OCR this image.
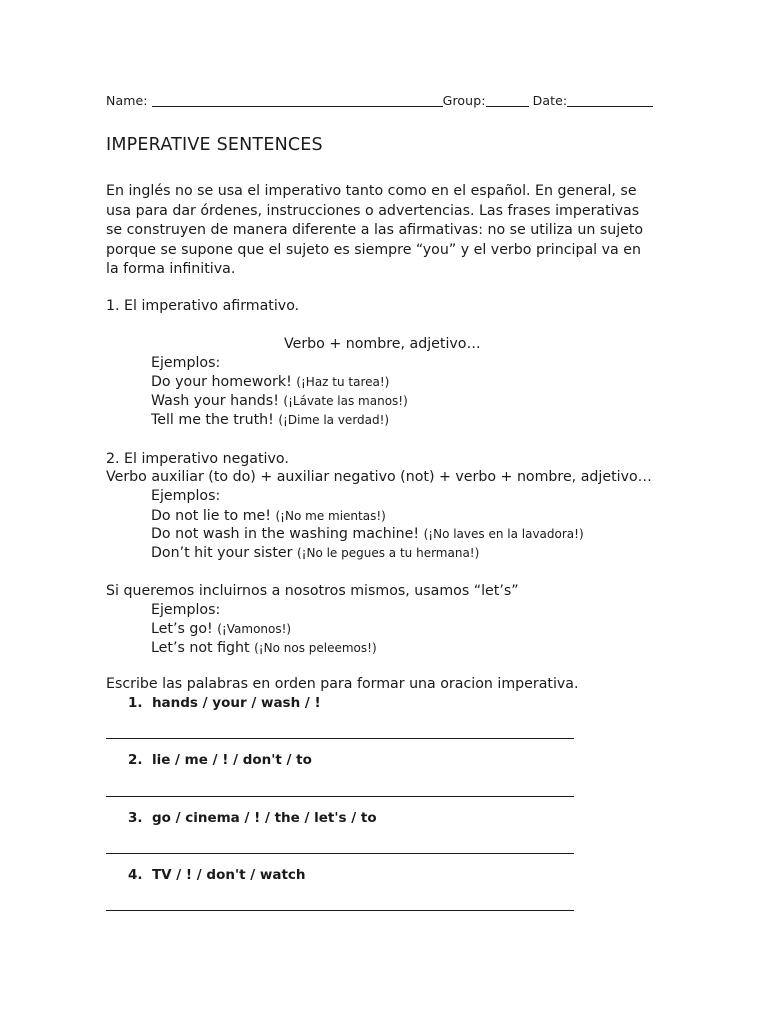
Name:	Group:	Date:
IMPERATIVE SENTENCES
En inglés no se usa el imperativo tanto como en el español. En general, se
usa para dar órdenes, instrucciones o advertencias. Las frases imperativas
se construyen de manera diferente a las afirmativas: no se utiliza un sujeto
porque se supone que el sujeto es siempre “you” y el verbo principal va en
la forma infinitiva.
1. El imperativo afirmativo.
Verbo + nombre, adjetivo…
Ejemplos:
Do your homework! (¡Haz tu tarea!)
Wash your hands! (¡Lávate las manos!)
Tell me the truth! (¡Dime la verdad!)
2. El imperativo negativo.
Verbo auxiliar (to do) + auxiliar negativo (not) + verbo + nombre, adjetivo…
Ejemplos:
Do not lie to me! (¡No me mientas!)
Do not wash in the washing machine! (¡No laves en la lavadora!)
Don’t hit your sister (¡No le pegues a tu hermana!)
Si queremos incluirnos a nosotros mismos, usamos “let’s”
Ejemplos:
Let’s go! (¡Vamonos!)
Let’s not fight (¡No nos peleemos!)
Escribe las palabras en orden para formar una oracion imperativa.
1. hands / your / wash / !
2. lie / me / ! / don't / to
3. go / cinema / ! / the / let's / to
4. TV / ! / don't / watch
